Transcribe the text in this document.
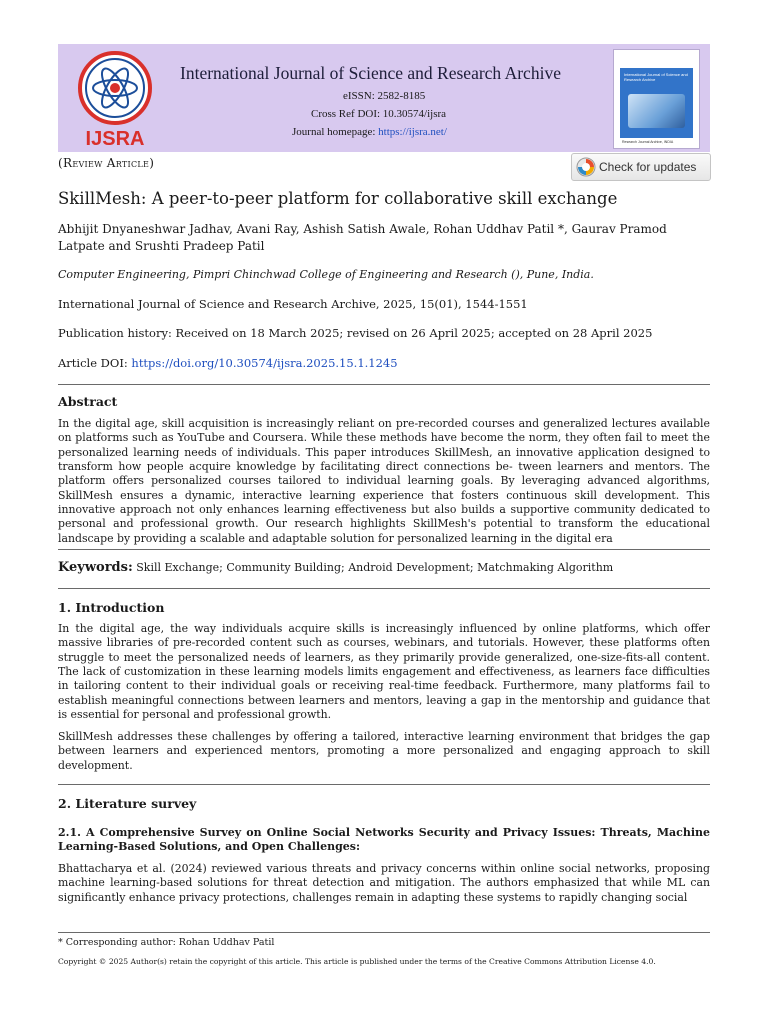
IJSRA
International Journal of Science and Research Archive
eISSN: 2582-8185
Cross Ref DOI: 10.30574/ijsra
Journal homepage: https://ijsra.net/
International Journal of Science and Research Archive
Research Journal Archive, INDIA
(Review Article)	Check for updates
SkillMesh: A peer-to-peer platform for collaborative skill exchange
Abhijit Dnyaneshwar Jadhav, Avani Ray, Ashish Satish Awale, Rohan Uddhav Patil *, Gaurav Pramod Latpate and Srushti Pradeep Patil
Computer Engineering, Pimpri Chinchwad College of Engineering and Research (), Pune, India.
International Journal of Science and Research Archive, 2025, 15(01), 1544-1551
Publication history: Received on 18 March 2025; revised on 26 April 2025; accepted on 28 April 2025
Article DOI: https://doi.org/10.30574/ijsra.2025.15.1.1245
Abstract
In the digital age, skill acquisition is increasingly reliant on pre-recorded courses and generalized lectures available on platforms such as YouTube and Coursera. While these methods have become the norm, they often fail to meet the personalized learning needs of individuals. This paper introduces SkillMesh, an innovative application designed to transform how people acquire knowledge by facilitating direct connections be- tween learners and mentors. The platform offers personalized courses tailored to individual learning goals. By leveraging advanced algorithms, SkillMesh ensures a dynamic, interactive learning experience that fosters continuous skill development. This innovative approach not only enhances learning effectiveness but also builds a supportive community dedicated to personal and professional growth. Our research highlights SkillMesh's potential to transform the educational landscape by providing a scalable and adaptable solution for personalized learning in the digital era
Keywords: Skill Exchange; Community Building; Android Development; Matchmaking Algorithm
1. Introduction
In the digital age, the way individuals acquire skills is increasingly influenced by online platforms, which offer massive libraries of pre-recorded content such as courses, webinars, and tutorials. However, these platforms often struggle to meet the personalized needs of learners, as they primarily provide generalized, one-size-fits-all content. The lack of customization in these learning models limits engagement and effectiveness, as learners face difficulties in tailoring content to their individual goals or receiving real-time feedback. Furthermore, many platforms fail to establish meaningful connections between learners and mentors, leaving a gap in the mentorship and guidance that is essential for personal and professional growth.
SkillMesh addresses these challenges by offering a tailored, interactive learning environment that bridges the gap between learners and experienced mentors, promoting a more personalized and engaging approach to skill development.
2. Literature survey
2.1. A Comprehensive Survey on Online Social Networks Security and Privacy Issues: Threats, Machine Learning-Based Solutions, and Open Challenges:
Bhattacharya et al. (2024) reviewed various threats and privacy concerns within online social networks, proposing machine learning-based solutions for threat detection and mitigation. The authors emphasized that while ML can significantly enhance privacy protections, challenges remain in adapting these systems to rapidly changing social
* Corresponding author: Rohan Uddhav Patil
Copyright © 2025 Author(s) retain the copyright of this article. This article is published under the terms of the Creative Commons Attribution License 4.0.
